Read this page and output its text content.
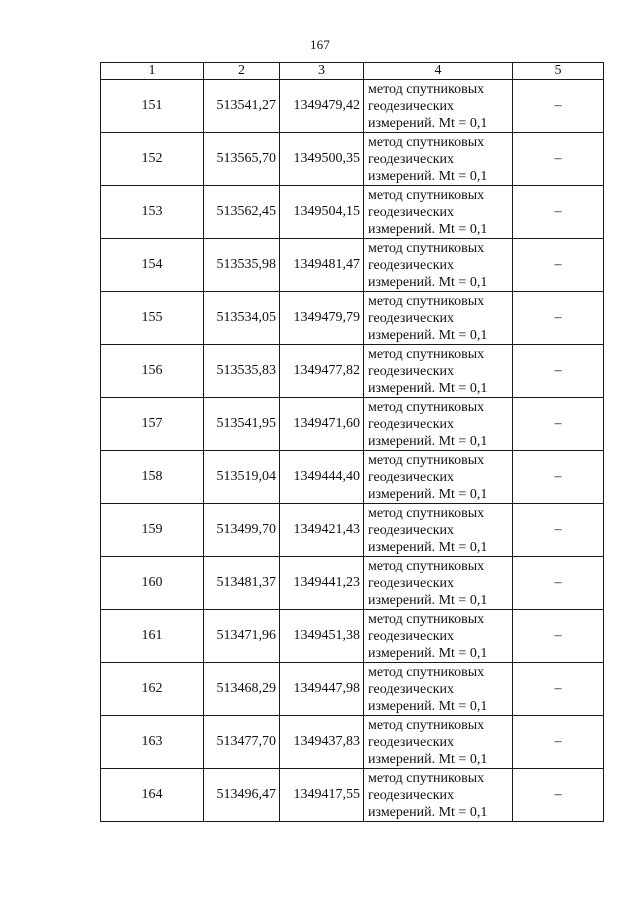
167
1	2	3	4	5
151	513541,27	1349479,42	метод спутниковых
геодезических
измерений. Mt = 0,1	–
152	513565,70	1349500,35	метод спутниковых
геодезических
измерений. Mt = 0,1	–
153	513562,45	1349504,15	метод спутниковых
геодезических
измерений. Mt = 0,1	–
154	513535,98	1349481,47	метод спутниковых
геодезических
измерений. Mt = 0,1	–
155	513534,05	1349479,79	метод спутниковых
геодезических
измерений. Mt = 0,1	–
156	513535,83	1349477,82	метод спутниковых
геодезических
измерений. Mt = 0,1	–
157	513541,95	1349471,60	метод спутниковых
геодезических
измерений. Mt = 0,1	–
158	513519,04	1349444,40	метод спутниковых
геодезических
измерений. Mt = 0,1	–
159	513499,70	1349421,43	метод спутниковых
геодезических
измерений. Mt = 0,1	–
160	513481,37	1349441,23	метод спутниковых
геодезических
измерений. Mt = 0,1	–
161	513471,96	1349451,38	метод спутниковых
геодезических
измерений. Mt = 0,1	–
162	513468,29	1349447,98	метод спутниковых
геодезических
измерений. Mt = 0,1	–
163	513477,70	1349437,83	метод спутниковых
геодезических
измерений. Mt = 0,1	–
164	513496,47	1349417,55	метод спутниковых
геодезических
измерений. Mt = 0,1	–
